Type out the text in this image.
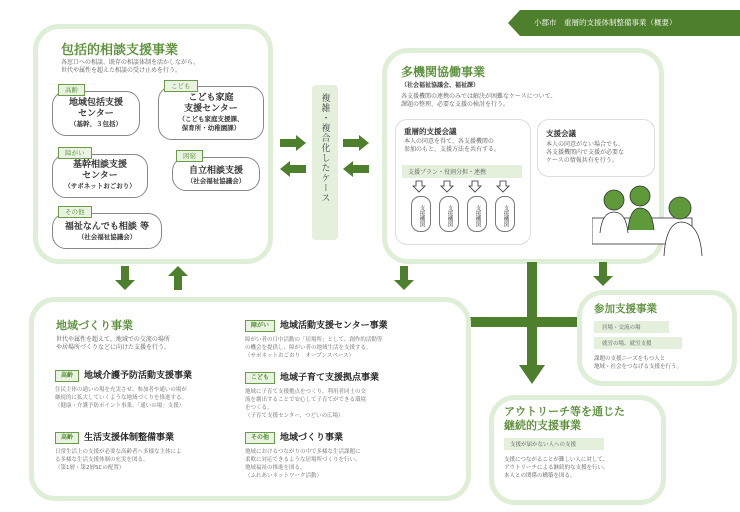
小郡市　重層的支援体制整備事業（概要）
包括的相談支援事業
各窓口への相談、既存の相談体制を活かしながら、
世代や属性を超えた相談の受け止めを行う。
地域包括支援
センター
（基幹、３包括）
高齢
こども家庭
支援センター
（こども家庭支援課、
保育所・幼稚園課）
こども
基幹相談支援
センター
（サポネットおごおり）
障がい
自立相談支援
（社会福祉協議会）
困窮
福祉なんでも相談 等
（社会福祉協議会）
その他
複雑・複合化したケース
多機関協働事業
（社会福祉協議会、福祉課）
各支援機関の連携のみでは解決が困難なケースについて、
課題の整理、必要な支援の検討を行う。
重層的支援会議
本人の同意を得て、各支援機関の
参加のもと、支援方法を共有する。
支援プラン・役割分担・連携
支援機関	支援機関	支援機関	支援機関
支援会議
本人の同意がない場合でも、
各支援機関内で支援が必要な
ケースの情報共有を行う。
地域づくり事業
世代や属性を超えて、地域での交流の場所
や居場所づくりなどに向けた支援を行う。
高齢 地域介護予防活動支援事業
住民主体の通いの場を充実させ、参加者や通いの場が
継続的に拡大していくような地域づくりを推進する。
（健康・介護予防ポイント事業、「通いの場」支援）
高齢 生活支援体制整備事業
日常生活上の支援が必要な高齢者へ多様な主体によ
る多様な生活支援体制の充実を図る。
（第1層・第2層SCの配置）
障がい 地域活動支援センター事業
障がい者の日中活動の「居場所」として、創作的活動等
の機会を提供し、障がい者の地域生活を支援する。
（サポネットおごおり　オープンスペース）
こども 地域子育て支援拠点事業
地域に子育て支援拠点をつくり、利用者同士の交
流を創出することで安心して子育てができる環境
をつくる。
（子育て支援センター、つどいの広場）
その他 地域づくり事業
地域におけるつながりの中で多様な生活課題に
柔軟に対応できるような居場所づくりを行い、
地域福祉の推進を図る。
（ふれあいネットワーク活動）
参加支援事業
居場・交流の場
就労の場、就労支援
課題の支援ニーズをもつ人と
地域・社会をつなげる支援を行う。
アウトリーチ等を通じた
継続的支援事業
支援が届かない人への支援
支援につながることが難しい人に対して、
アウトリーチによる継続的な支援を行い、
本人との関係の構築を図る。
